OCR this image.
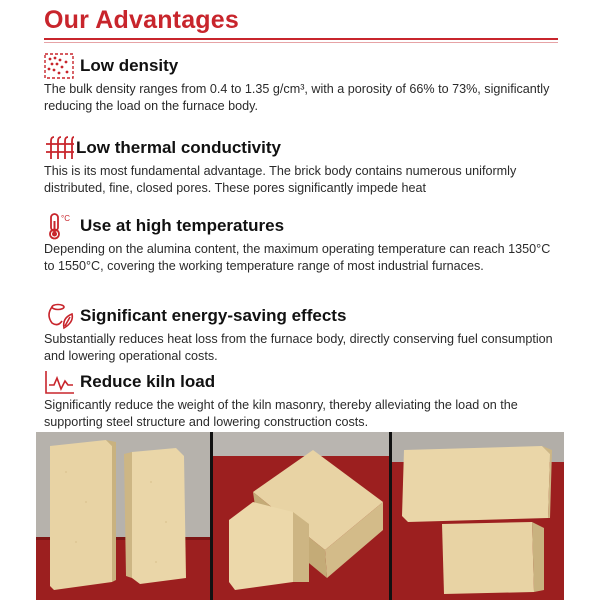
Our Advantages
Low density
The bulk density ranges from 0.4 to 1.35 g/cm³, with a porosity of 66% to 73%, significantly reducing the load on the furnace body.
Low thermal conductivity
This is its most fundamental advantage. The brick body contains numerous uniformly distributed, fine, closed pores. These pores significantly impede heat
°C Use at high temperatures
Depending on the alumina content, the maximum operating temperature can reach 1350°C to 1550°C, covering the working temperature range of most industrial furnaces.
Significant energy-saving effects
Substantially reduces heat loss from the furnace body, directly conserving fuel consumption and lowering operational costs.
Reduce kiln load
Significantly reduce the weight of the kiln masonry, thereby alleviating the load on the supporting steel structure and lowering construction costs.
